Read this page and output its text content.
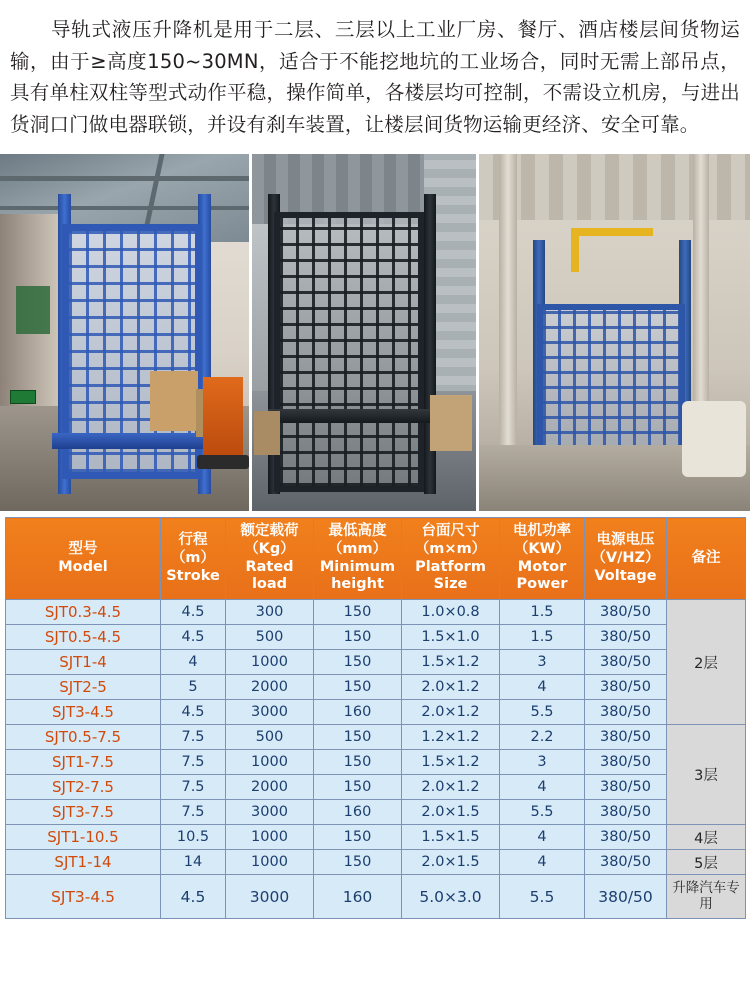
导轨式液压升降机是用于二层、三层以上工业厂房、餐厅、酒店楼层间货物运输，由于≥高度150~30MN，适合于不能挖地坑的工业场合，同时无需上部吊点，具有单柱双柱等型式动作平稳，操作简单，各楼层均可控制，不需设立机房，与进出货洞口门做电器联锁，并设有刹车装置，让楼层间货物运输更经济、安全可靠。

型号
Model	行程
（m）
Stroke	额定载荷
（Kg）
Rated load	最低高度
（mm）
Minimum height	台面尺寸
（m×m）
Platform Size	电机功率
（KW）
Motor Power	电源电压
（V/HZ）
Voltage	备注

SJT0.3-4.5	4.5	300	150	1.0×0.8	1.5	380/50	2层
SJT0.5-4.5	4.5	500	150	1.5×1.0	1.5	380/50	
SJT1-4	4	1000	150	1.5×1.2	3	380/50	
SJT2-5	5	2000	150	2.0×1.2	4	380/50	
SJT3-4.5	4.5	3000	160	2.0×1.2	5.5	380/50	
SJT0.5-7.5	7.5	500	150	1.2×1.2	2.2	380/50	3层
SJT1-7.5	7.5	1000	150	1.5×1.2	3	380/50	
SJT2-7.5	7.5	2000	150	2.0×1.2	4	380/50	
SJT3-7.5	7.5	3000	160	2.0×1.5	5.5	380/50	
SJT1-10.5	10.5	1000	150	1.5×1.5	4	380/50	4层
SJT1-14	14	1000	150	2.0×1.5	4	380/50	5层
SJT3-4.5	4.5	3000	160	5.0×3.0	5.5	380/50	升降汽车专用
